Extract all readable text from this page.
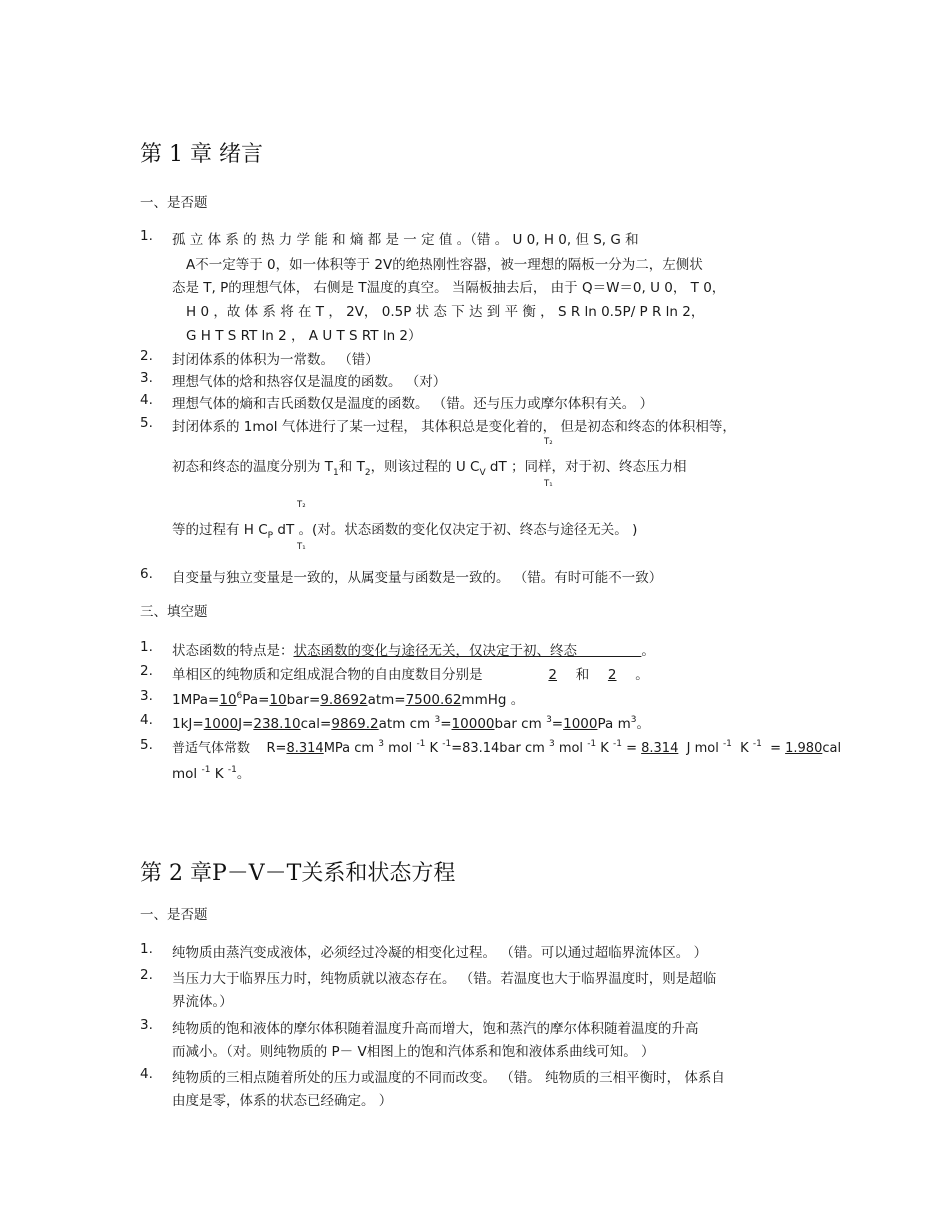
第 1 章 绪言
一、是否题
1. 孤 立 体 系 的 热 力 学 能 和 熵 都 是 一 定 值 。（错 。 U 0, H 0, 但 S, G 和
A不一定等于 0，如一体积等于 2V的绝热刚性容器，被一理想的隔板一分为二，左侧状
态是 T, P的理想气体， 右侧是 T温度的真空。 当隔板抽去后， 由于 Q＝W＝0, U 0， T 0，
H 0 ，故 体 系 将 在 T ， 2V， 0.5P 状 态 下 达 到 平 衡 ， S R ln 0.5P/ P R ln 2，
G H T S RT ln 2 ， A U T S RT ln 2）
2. 封闭体系的体积为一常数。 （错）
3. 理想气体的焓和热容仅是温度的函数。 （对）
4. 理想气体的熵和吉氏函数仅是温度的函数。 （错。还与压力或摩尔体积有关。 ）
5. 封闭体系的 1mol 气体进行了某一过程， 其体积总是变化着的， 但是初态和终态的体积相等，
T₂
初态和终态的温度分别为 $T_1$和 $T_2$，则该过程的 U $C_V$ dT ；同样，对于初、终态压力相
T₁
T₂
等的过程有 H $C_P$ dT 。(对。状态函数的变化仅决定于初、终态与途径无关。 )
T₁
6. 自变量与独立变量是一致的，从属变量与函数是一致的。 （错。有时可能不一致）
三、填空题
1. 状态函数的特点是：状态函数的变化与途径无关，仅决定于初、终态               。
2. 单相区的纯物质和定组成混合物的自由度数目分别是           2 和 2 。
3. $1MPa=10^6Pa=10bar=9.8692atm=7500.62mmHg$ 。
4. 1kJ=1000J=238.10cal=9869.2atm cm $^3$=10000bar cm $^3$=1000Pa $m^3$。
5. 普适气体常数    R=8.314MPa cm $^3$ mol $^{-1}$ K $^{-1}$=83.14bar cm $^3$ mol $^{-1}$ K $^{-1}$ = 8.314  J mol $^{-1}$  K $^{-1}$  = 1.980cal
mol $^{-1}$ K $^{-1}$。
第 2 章P－V－T关系和状态方程
一、是否题
1. 纯物质由蒸汽变成液体，必须经过冷凝的相变化过程。 （错。可以通过超临界流体区。 ）
2. 当压力大于临界压力时，纯物质就以液态存在。 （错。若温度也大于临界温度时，则是超临
界流体。）
3. 纯物质的饱和液体的摩尔体积随着温度升高而增大，饱和蒸汽的摩尔体积随着温度的升高
而减小。（对。则纯物质的 P－ V相图上的饱和汽体系和饱和液体系曲线可知。 ）
4. 纯物质的三相点随着所处的压力或温度的不同而改变。 （错。 纯物质的三相平衡时， 体系自
由度是零，体系的状态已经确定。 ）
